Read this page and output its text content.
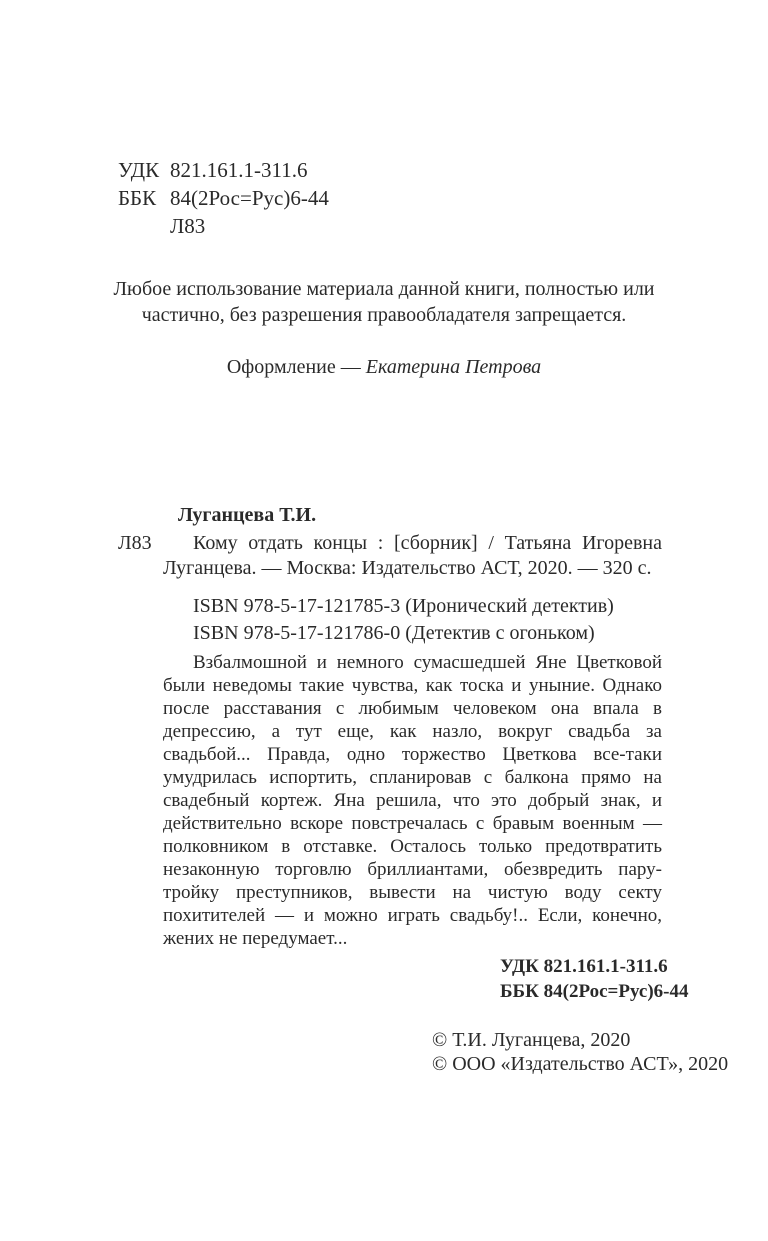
УДК 821.161.1-311.6
ББК 84(2Рос=Рус)6-44
Л83
Любое использование материала данной книги, полностью или частично, без разрешения правообладателя запрещается.
Оформление — Екатерина Петрова
Луганцева Т.И.
Л83	Кому отдать концы : [сборник] / Татьяна Игоревна Луганцева. — Москва: Издательство АСТ, 2020. — 320 с.
ISBN 978-5-17-121785-3 (Иронический детектив)
ISBN 978-5-17-121786-0 (Детектив с огоньком)
Взбалмошной и немного сумасшедшей Яне Цветковой были неведомы такие чувства, как тоска и уныние. Однако после расставания с любимым человеком она впала в депрессию, а тут еще, как назло, вокруг свадьба за свадьбой... Правда, одно торжество Цветкова все-таки умудрилась испортить, спланировав с балкона прямо на свадебный кортеж. Яна решила, что это добрый знак, и действительно вскоре повстречалась с бравым военным — полковником в отставке. Осталось только предотвратить незаконную торговлю бриллиантами, обезвредить пару-тройку преступников, вывести на чистую воду секту похитителей — и можно играть свадьбу!.. Если, конечно, жених не передумает...
УДК 821.161.1-311.6
ББК 84(2Рос=Рус)6-44
© Т.И. Луганцева, 2020
© ООО «Издательство АСТ», 2020
